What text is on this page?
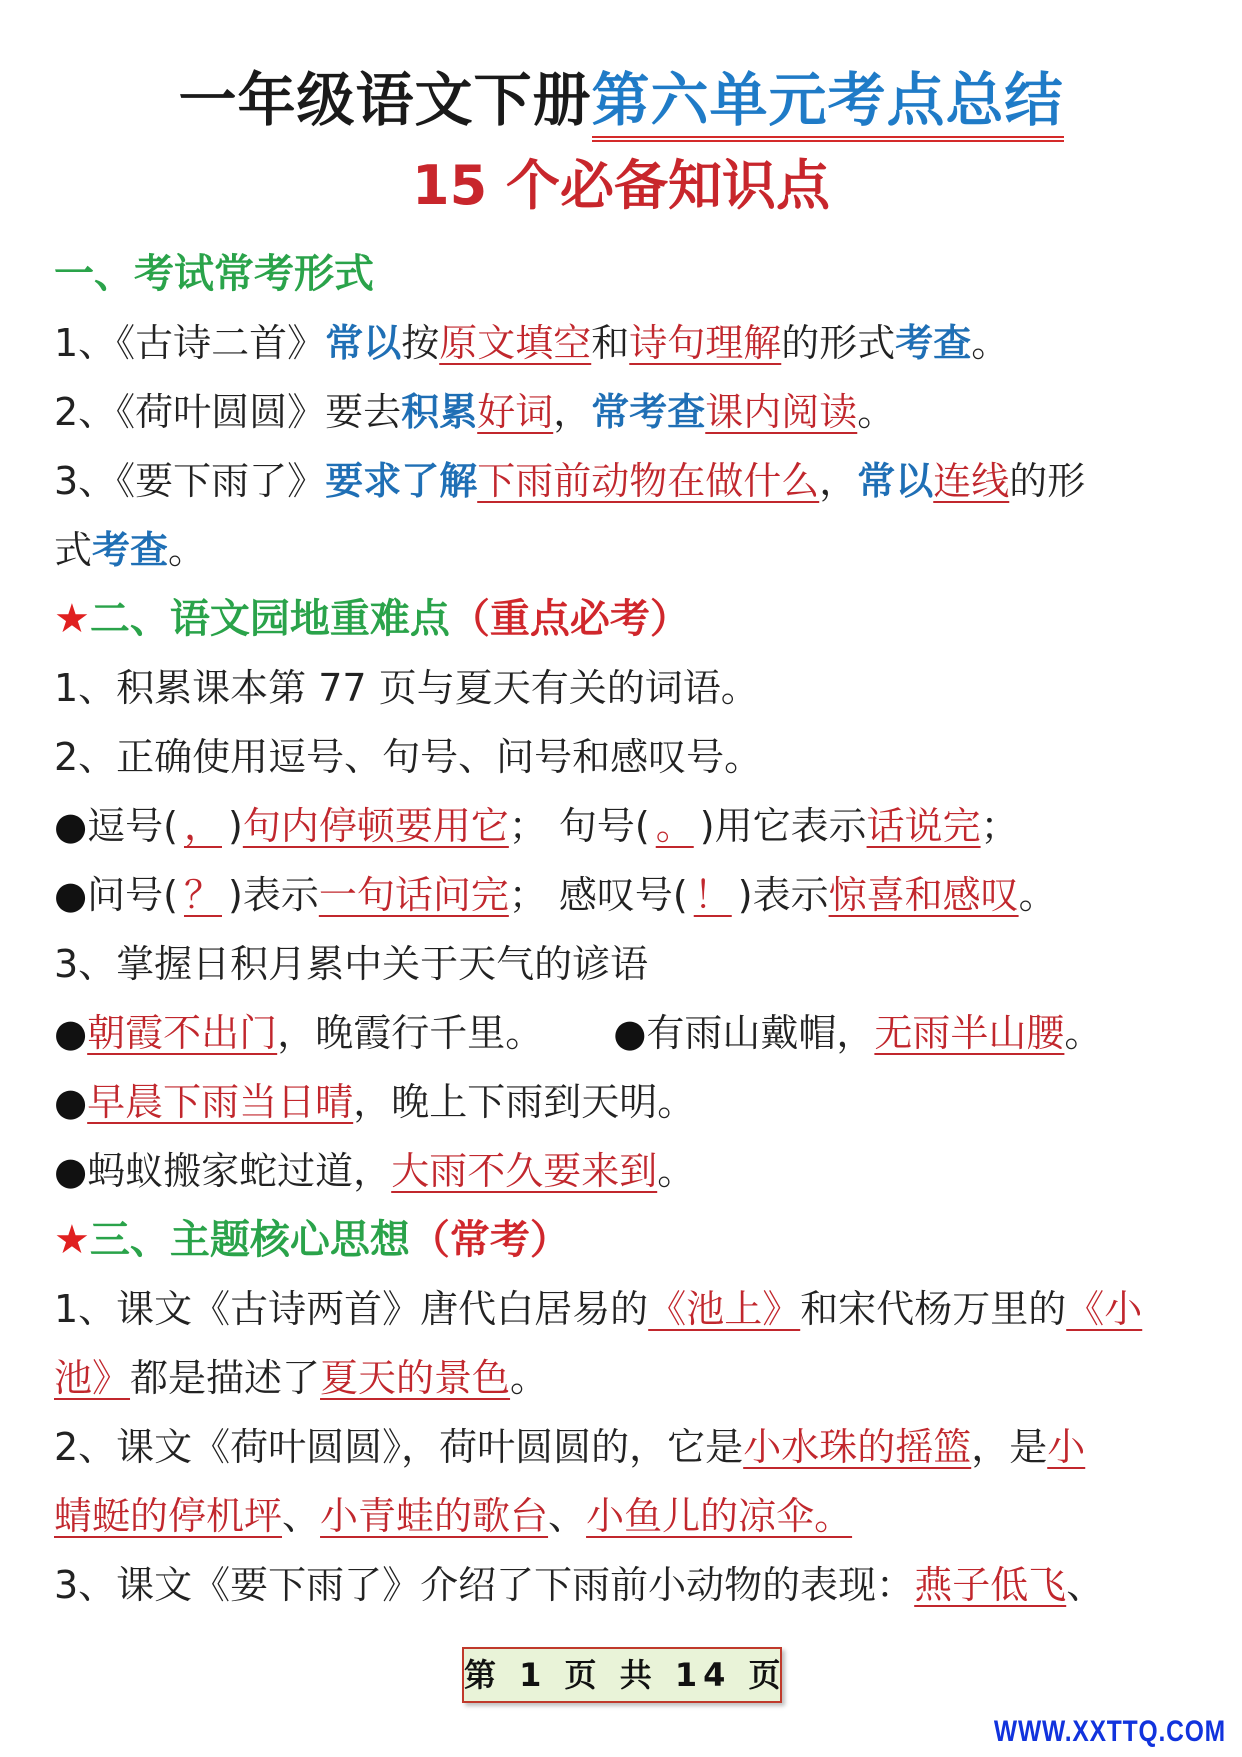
一年级语文下册第六单元考点总结
15 个必备知识点
一、考试常考形式
1、《古诗二首》常以按原文填空和诗句理解的形式考查。
2、《荷叶圆圆》要去积累好词，常考查课内阅读。
3、《要下雨了》要求了解下雨前动物在做什么，常以连线的形
式考查。
★二、语文园地重难点（重点必考）
1、积累课本第 77 页与夏天有关的词语。
2、正确使用逗号、句号、问号和感叹号。
●逗号( ， )句内停顿要用它； 句号( 。 )用它表示话说完；
●问号( ？ )表示一句话问完； 感叹号( ！ )表示惊喜和感叹。
3、掌握日积月累中关于天气的谚语
●朝霞不出门，晚霞行千里。 ●有雨山戴帽，无雨半山腰。
●早晨下雨当日晴，晚上下雨到天明。
●蚂蚁搬家蛇过道，大雨不久要来到。
★三、主题核心思想（常考）
1、课文《古诗两首》唐代白居易的《池上》和宋代杨万里的《小
池》都是描述了夏天的景色。
2、课文《荷叶圆圆》，荷叶圆圆的，它是小水珠的摇篮，是小
蜻蜓的停机坪、小青蛙的歌台、小鱼儿的凉伞。
3、课文《要下雨了》介绍了下雨前小动物的表现：燕子低飞、
第 1 页 共 14 页
WWW.XXTTQ.COM
